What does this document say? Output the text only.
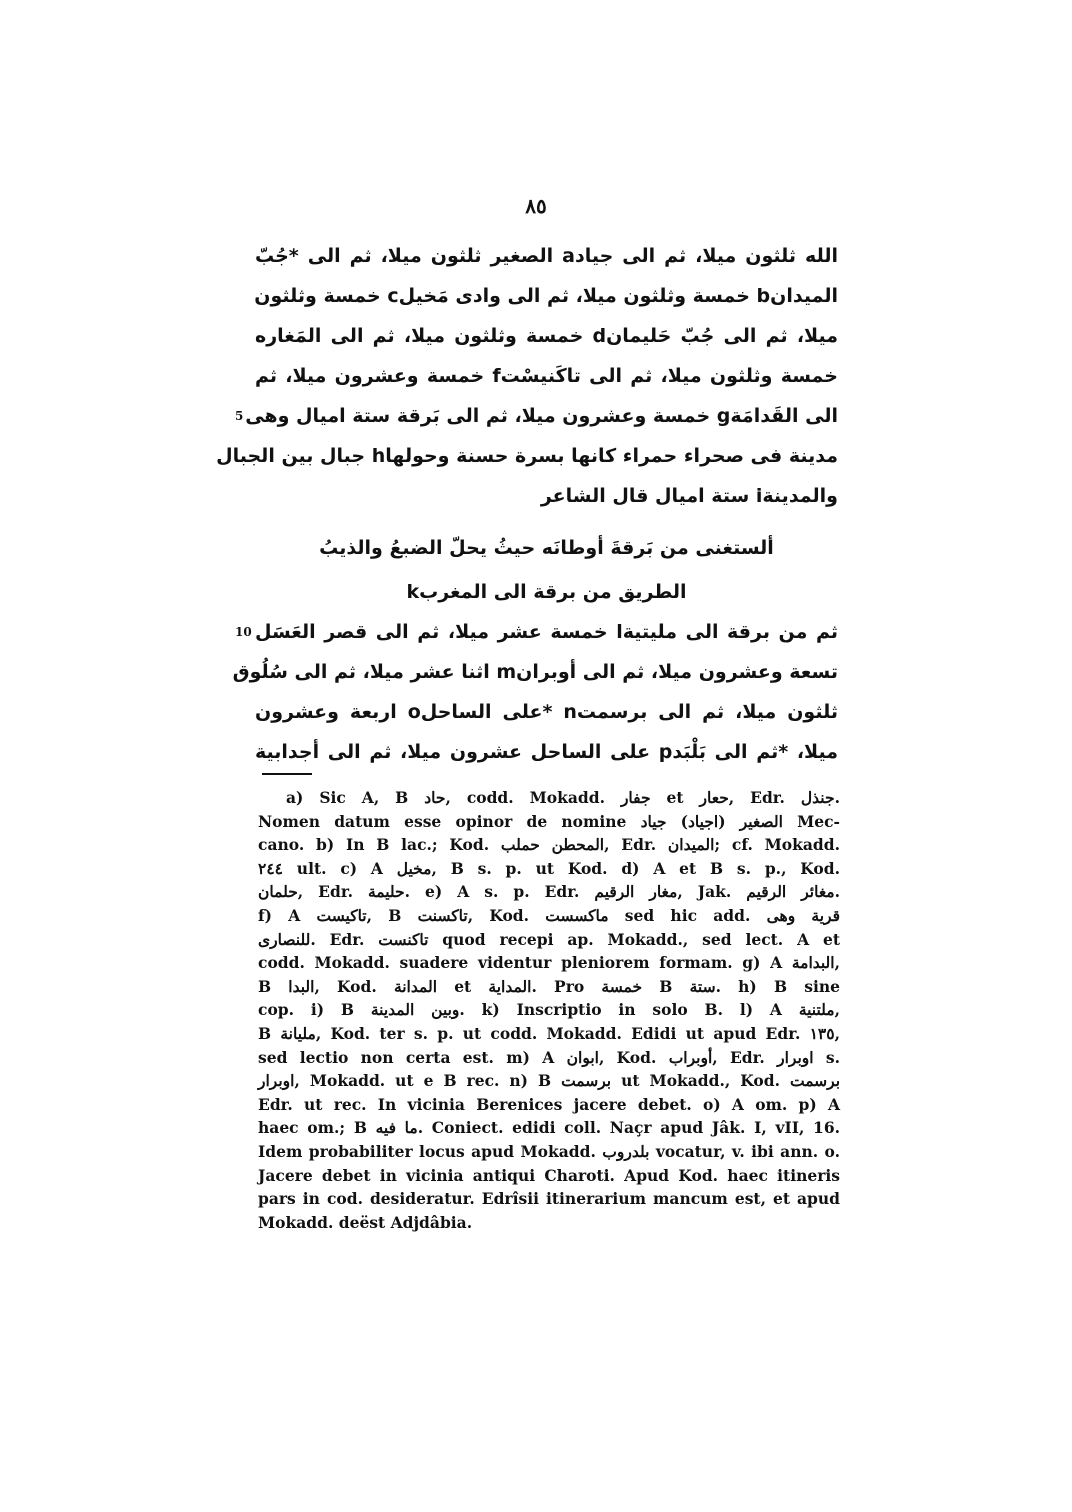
٨٥
الله ثلثون ميلا، ثم الى جيادa الصغير ثلثون ميلا، ثم الى *جُبّ
الميدانb خمسة وثلثون ميلا، ثم الى وادى مَخيلc خمسة وثلثون
ميلا، ثم الى جُبّ حَليمانd خمسة وثلثون ميلا، ثم الى المَغاره
خمسة وثلثون ميلا، ثم الى تاكَنيسْتf خمسة وعشرون ميلا، ثم
الى القَدامَةg خمسة وعشرون ميلا، ثم الى بَرقة ستة اميال وهى
5
مدينة فى صحراء حمراء كانها بسرة حسنة وحولهاh جبال بين الجبال
والمدينةi ستة اميال قال الشاعر
ألستغنى من بَرقةَ أوطانَه حيثُ يحلّ الضبعُ والذيبُ
الطريق من برقة الى المغربk
ثم من برقة الى مليتيةl خمسة عشر ميلا، ثم الى قصر العَسَل
10
تسعة وعشرون ميلا، ثم الى أوبرانm اثنا عشر ميلا، ثم الى سُلُوق
ثلثون ميلا، ثم الى برسمتn *على الساحلo اربعة وعشرون
ميلا، *ثم الى بَلْبَدp على الساحل عشرون ميلا، ثم الى أجدابية
a) Sic A, B حاد, codd. Mokadd. جفار et حعار, Edr. جنذل.
Nomen datum esse opinor de nomine الصغير (اجياد) جياد Mec-
cano. b) In B lac.; Kod. المحطن حملب, Edr. الميدان; cf. Mokadd.
٢٤٤ ult. c) A مخيل, B s. p. ut Kod. d) A et B s. p., Kod.
حلمان, Edr. حليمة. e) A s. p. Edr. مغار الرقيم, Jak. مغائر الرقيم.
f) A تاكيست, B تاكسنت, Kod. ماكسست sed hic add. قرية وهى
للنصارى. Edr. تاكنست quod recepi ap. Mokadd., sed lect. A et
codd. Mokadd. suadere videntur pleniorem formam. g) A البدامة,
B البدا, Kod. المدانة et المداية. Pro خمسة B ستة. h) B sine
cop. i) B وبين المدينة. k) Inscriptio in solo B. l) A ملتنية,
B مليانة, Kod. ter s. p. ut codd. Mokadd. Edidi ut apud Edr. ١٣٥,
sed lectio non certa est. m) A ابوان, Kod. أوبراب, Edr. اوبرار s.
اوبرار, Mokadd. ut e B rec. n) B برسمت ut Mokadd., Kod. برسمت
Edr. ut rec. In vicinia Berenices jacere debet. o) A om. p) A
haec om.; B ما فيه. Coniect. edidi coll. Naçr apud Jâk. I, vII, 16.
Idem probabiliter locus apud Mokadd. بلدروب vocatur, v. ibi ann. o.
Jacere debet in vicinia antiqui Charoti. Apud Kod. haec itineris
pars in cod. desideratur. Edrîsii itinerarium mancum est, et apud
Mokadd. deëst Adjdâbia.
